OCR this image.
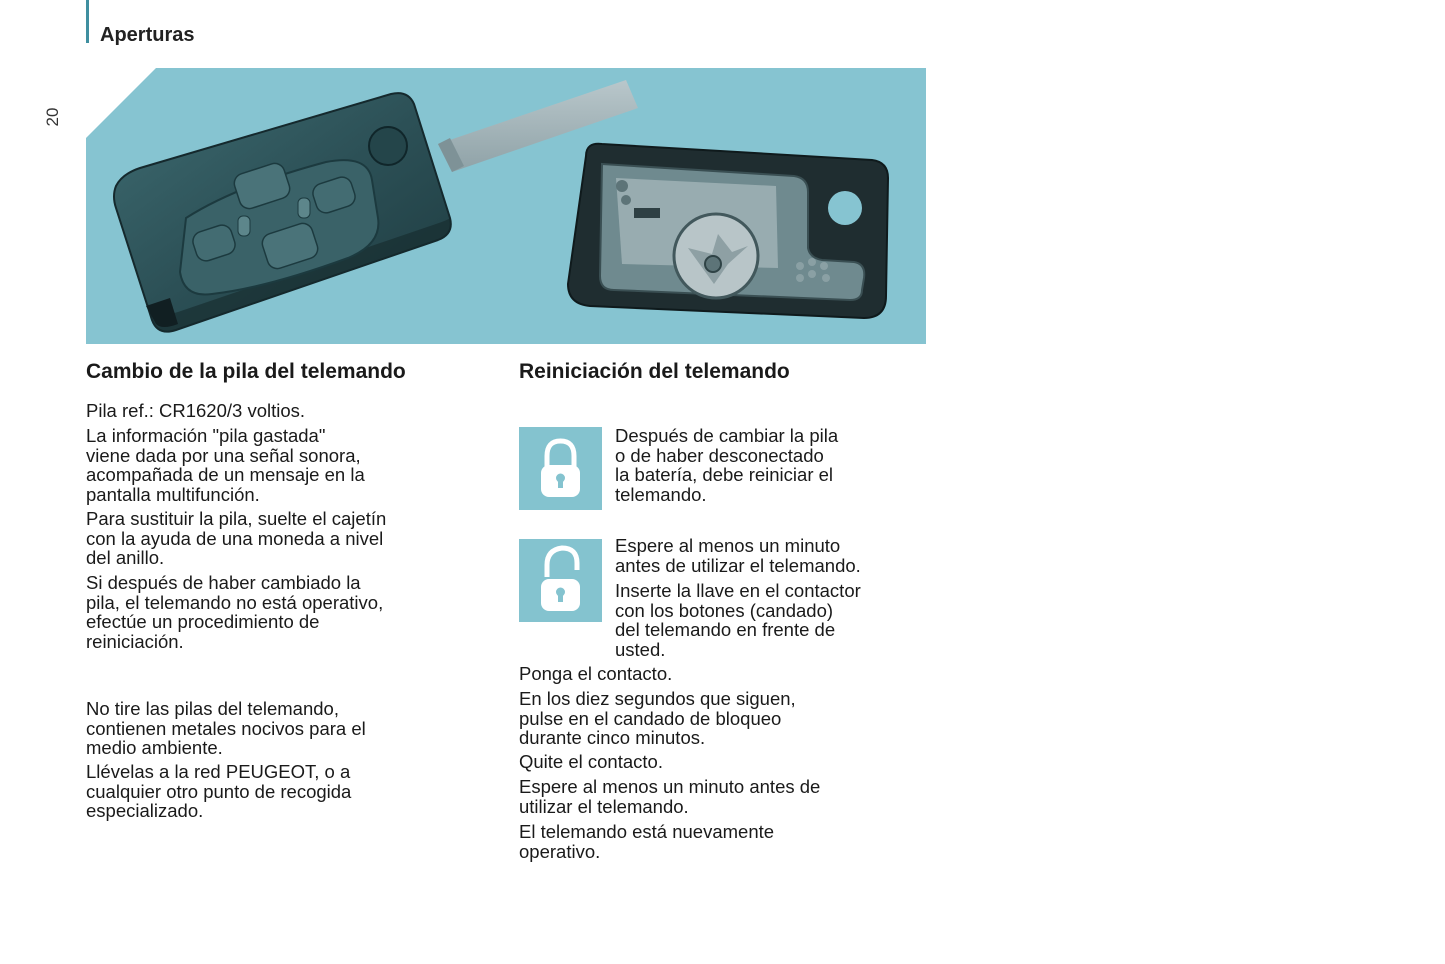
Aperturas
20
Cambio de la pila del telemando	Reiniciación del telemando
Pila ref.: CR1620/3 voltios.
La información "pila gastada"
viene dada por una señal sonora,
acompañada de un mensaje en la
pantalla multifunción.
Para sustituir la pila, suelte el cajetín
con la ayuda de una moneda a nivel
del anillo.
Si después de haber cambiado la
pila, el telemando no está operativo,
efectúe un procedimiento de
reiniciación.
No tire las pilas del telemando,
contienen metales nocivos para el
medio ambiente.
Llévelas a la red PEUGEOT, o a
cualquier otro punto de recogida
especializado.
Después de cambiar la pila
o de haber desconectado
la batería, debe reiniciar el
telemando.
Espere al menos un minuto
antes de utilizar el telemando.
Inserte la llave en el contactor
con los botones (candado)
del telemando en frente de
usted.
Ponga el contacto.
En los diez segundos que siguen,
pulse en el candado de bloqueo
durante cinco minutos.
Quite el contacto.
Espere al menos un minuto antes de
utilizar el telemando.
El telemando está nuevamente
operativo.
